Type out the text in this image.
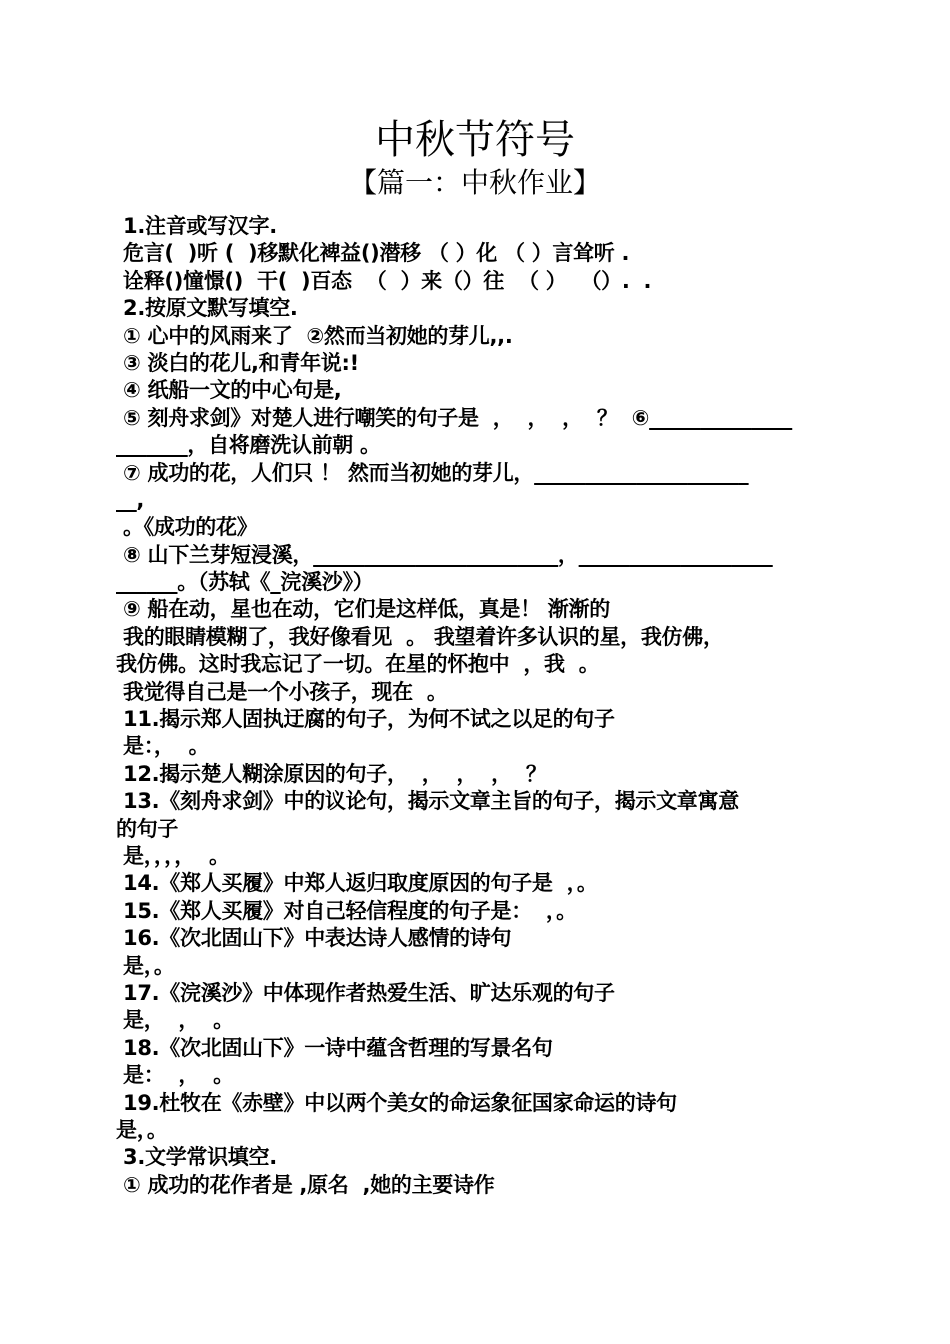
中秋节符号
【篇一：中秋作业】
1.注音或写汉字.
危言(  )听 (  )移默化裨益()潜移 （ ）化 （ ）言耸听 .
诠释()憧憬()  干(  )百态  （  ）来（）往  （ ）  （）.  .
2.按原文默写填空.
① 心中的风雨来了  ②然而当初她的芽儿,,.
③ 淡白的花儿,和青年说:!
④ 纸船一文的中心句是,
⑤ 刻舟求剑》对楚人进行嘲笑的句子是  ，  ，  ，  ？  ⑥______________
_______，自将磨洗认前朝 。
⑦ 成功的花，人们只 ！ 然而当初她的芽儿，_____________________
__,
。《成功的花》
⑧ 山下兰芽短浸溪，________________________，___________________
______。（苏轼《_浣溪沙》）
⑨ 船在动，星也在动，它们是这样低，真是！ 渐渐的
我的眼睛模糊了，我好像看见  。 我望着许多认识的星，我仿佛，
我仿佛。这时我忘记了一切。在星的怀抱中  ，我  。
我觉得自己是一个小孩子，现在  。
11.揭示郑人固执迂腐的句子，为何不试之以足的句子
是：，  。
12.揭示楚人糊涂原因的句子，  ，  ，  ，  ？
13.《刻舟求剑》中的议论句，揭示文章主旨的句子，揭示文章寓意
的句子
是，，，，  。
14.《郑人买履》中郑人返归取度原因的句子是  ，。
15.《郑人买履》对自己轻信程度的句子是：  ，。
16.《次北固山下》中表达诗人感情的诗句
是，。
17.《浣溪沙》中体现作者热爱生活、旷达乐观的句子
是，  ，  。
18.《次北固山下》一诗中蕴含哲理的写景名句
是：  ，  。
19.杜牧在《赤壁》中以两个美女的命运象征国家命运的诗句
是，。
3.文学常识填空.
① 成功的花作者是 ,原名  ,她的主要诗作
